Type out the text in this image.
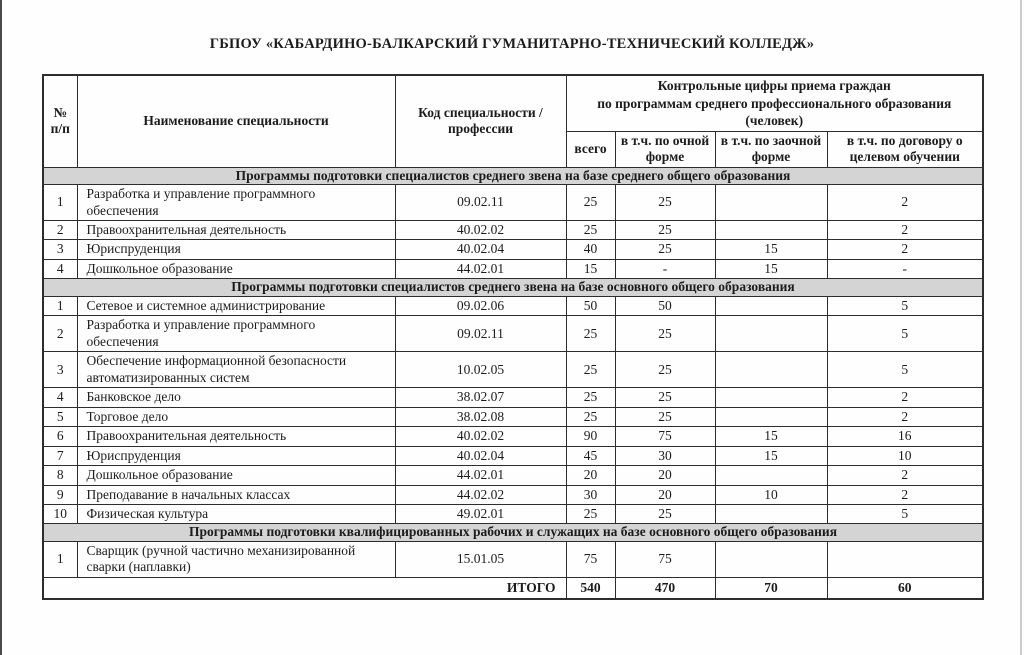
ГБПОУ «КАБАРДИНО-БАЛКАРСКИЙ ГУМАНИТАРНО-ТЕХНИЧЕСКИЙ КОЛЛЕДЖ»
№ п/п	Наименование специальности	Код специальности / профессии	Контрольные цифры приема граждан
по программам среднего профессионального образования
(человек)			

			всего	в т.ч. по очной форме	в т.ч. по заочной форме	в т.ч. по договору о целевом обучении
Программы подготовки специалистов среднего звена на базе среднего общего образования						
1	Разработка и управление программного обеспечения	09.02.11	25	25		2
2	Правоохранительная деятельность	40.02.02	25	25		2
3	Юриспруденция	40.02.04	40	25	15	2
4	Дошкольное образование	44.02.01	15	-	15	-
Программы подготовки специалистов среднего звена на базе основного общего образования						
1	Сетевое и системное администрирование	09.02.06	50	50		5
2	Разработка и управление программного обеспечения	09.02.11	25	25		5
3	Обеспечение информационной безопасности автоматизированных систем	10.02.05	25	25		5
4	Банковское дело	38.02.07	25	25		2
5	Торговое дело	38.02.08	25	25		2
6	Правоохранительная деятельность	40.02.02	90	75	15	16
7	Юриспруденция	40.02.04	45	30	15	10
8	Дошкольное образование	44.02.01	20	20		2
9	Преподавание в начальных классах	44.02.02	30	20	10	2
10	Физическая культура	49.02.01	25	25		5
Программы подготовки квалифицированных рабочих и служащих на базе основного общего образования						
1	Сварщик (ручной частично механизированной сварки (наплавки)	15.01.05	75	75		
ИТОГО			540	470	70	60
